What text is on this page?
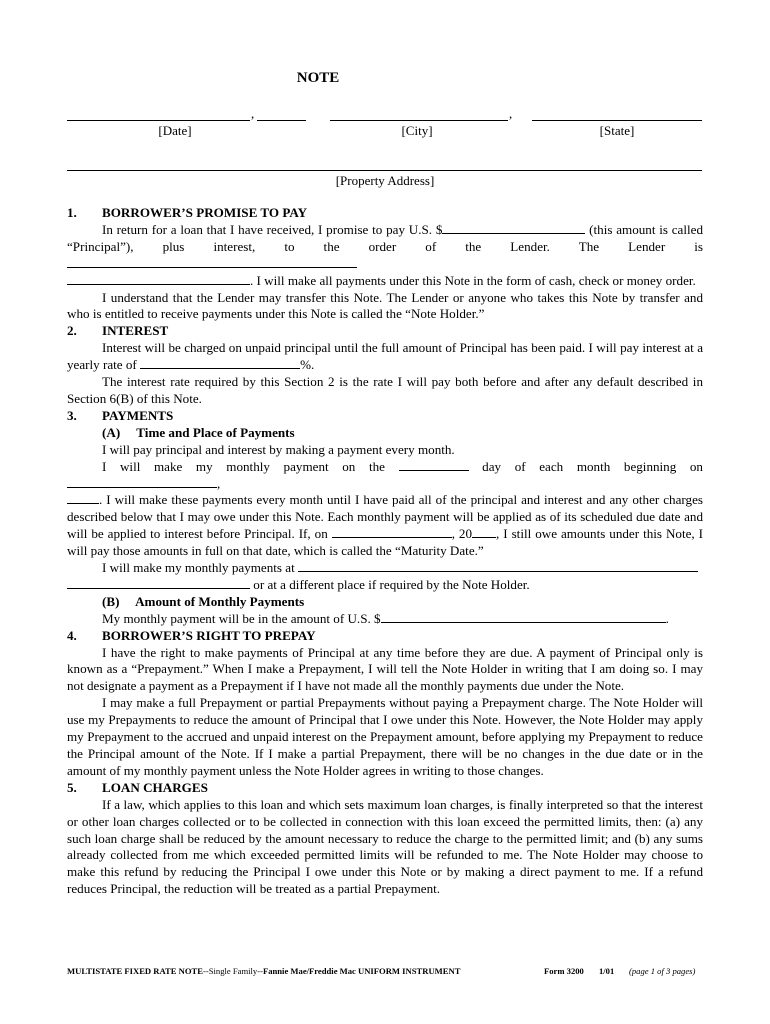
NOTE
,	,
[Date]	[City]	[State]
[Property Address]

1. BORROWER’S PROMISE TO PAY

In return for a loan that I have received, I promise to pay U.S. $	(this amount is called “Principal”), plus interest, to the order of the Lender. The Lender is
. I will make all payments under this Note in the form of cash, check or money order.

I understand that the Lender may transfer this Note. The Lender or anyone who takes this Note by transfer and who is entitled to receive payments under this Note is called the “Note Holder.”

2. INTEREST

Interest will be charged on unpaid principal until the full amount of Principal has been paid. I will pay interest at a yearly rate of	%.

The interest rate required by this Section 2 is the rate I will pay both before and after any default described in Section 6(B) of this Note.

3. PAYMENTS

(A)     Time and Place of Payments

I will pay principal and interest by making a payment every month.

I will make my monthly payment on the	day of each month beginning on ,
. I will make these payments every month until I have paid all of the principal and interest and any other charges described below that I may owe under this Note. Each monthly payment will be applied as of its scheduled due date and will be applied to interest before Principal. If, on	, 20 , I still owe amounts under this Note, I will pay those amounts in full on that date, which is called the “Maturity Date.”

I will make my monthly payments at
or at a different place if required by the Note Holder.

(B)     Amount of Monthly Payments

My monthly payment will be in the amount of U.S. $	.

4. BORROWER’S RIGHT TO PREPAY

I have the right to make payments of Principal at any time before they are due. A payment of Principal only is known as a “Prepayment.” When I make a Prepayment, I will tell the Note Holder in writing that I am doing so. I may not designate a payment as a Prepayment if I have not made all the monthly payments due under the Note.

I may make a full Prepayment or partial Prepayments without paying a Prepayment charge. The Note Holder will use my Prepayments to reduce the amount of Principal that I owe under this Note. However, the Note Holder may apply my Prepayment to the accrued and unpaid interest on the Prepayment amount, before applying my Prepayment to reduce the Principal amount of the Note. If I make a partial Prepayment, there will be no changes in the due date or in the amount of my monthly payment unless the Note Holder agrees in writing to those changes.

5. LOAN CHARGES

If a law, which applies to this loan and which sets maximum loan charges, is finally interpreted so that the interest or other loan charges collected or to be collected in connection with this loan exceed the permitted limits, then: (a) any such loan charge shall be reduced by the amount necessary to reduce the charge to the permitted limit; and (b) any sums already collected from me which exceeded permitted limits will be refunded to me. The Note Holder may choose to make this refund by reducing the Principal I owe under this Note or by making a direct payment to me. If a refund reduces Principal, the reduction will be treated as a partial Prepayment.

MULTISTATE FIXED RATE NOTE--Single Family--Fannie Mae/Freddie Mac UNIFORM INSTRUMENT	Form 3200 1/01 (page 1 of 3 pages)
